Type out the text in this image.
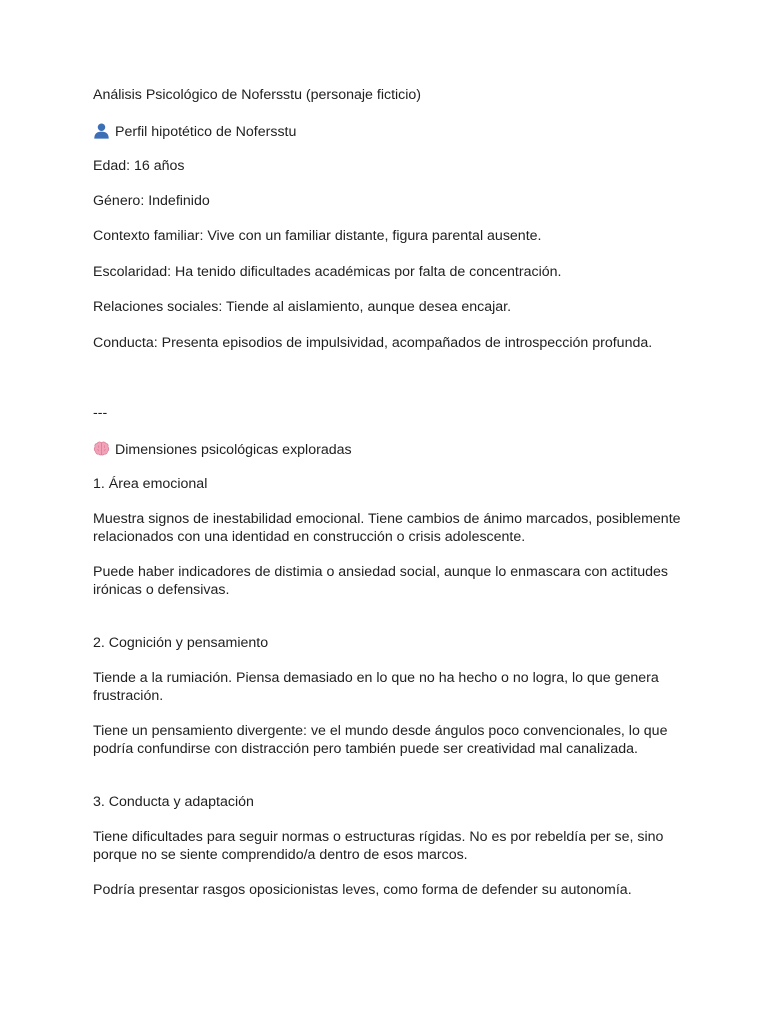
Análisis Psicológico de Nofersstu (personaje ficticio)

Perfil hipotético de Nofersstu

Edad: 16 años

Género: Indefinido

Contexto familiar: Vive con un familiar distante, figura parental ausente.

Escolaridad: Ha tenido dificultades académicas por falta de concentración.

Relaciones sociales: Tiende al aislamiento, aunque desea encajar.

Conducta: Presenta episodios de impulsividad, acompañados de introspección profunda.

---

Dimensiones psicológicas exploradas

1. Área emocional

Muestra signos de inestabilidad emocional. Tiene cambios de ánimo marcados, posiblemente relacionados con una identidad en construcción o crisis adolescente.

Puede haber indicadores de distimia o ansiedad social, aunque lo enmascara con actitudes irónicas o defensivas.

2. Cognición y pensamiento

Tiende a la rumiación. Piensa demasiado en lo que no ha hecho o no logra, lo que genera frustración.

Tiene un pensamiento divergente: ve el mundo desde ángulos poco convencionales, lo que podría confundirse con distracción pero también puede ser creatividad mal canalizada.

3. Conducta y adaptación

Tiene dificultades para seguir normas o estructuras rígidas. No es por rebeldía per se, sino porque no se siente comprendido/a dentro de esos marcos.

Podría presentar rasgos oposicionistas leves, como forma de defender su autonomía.
